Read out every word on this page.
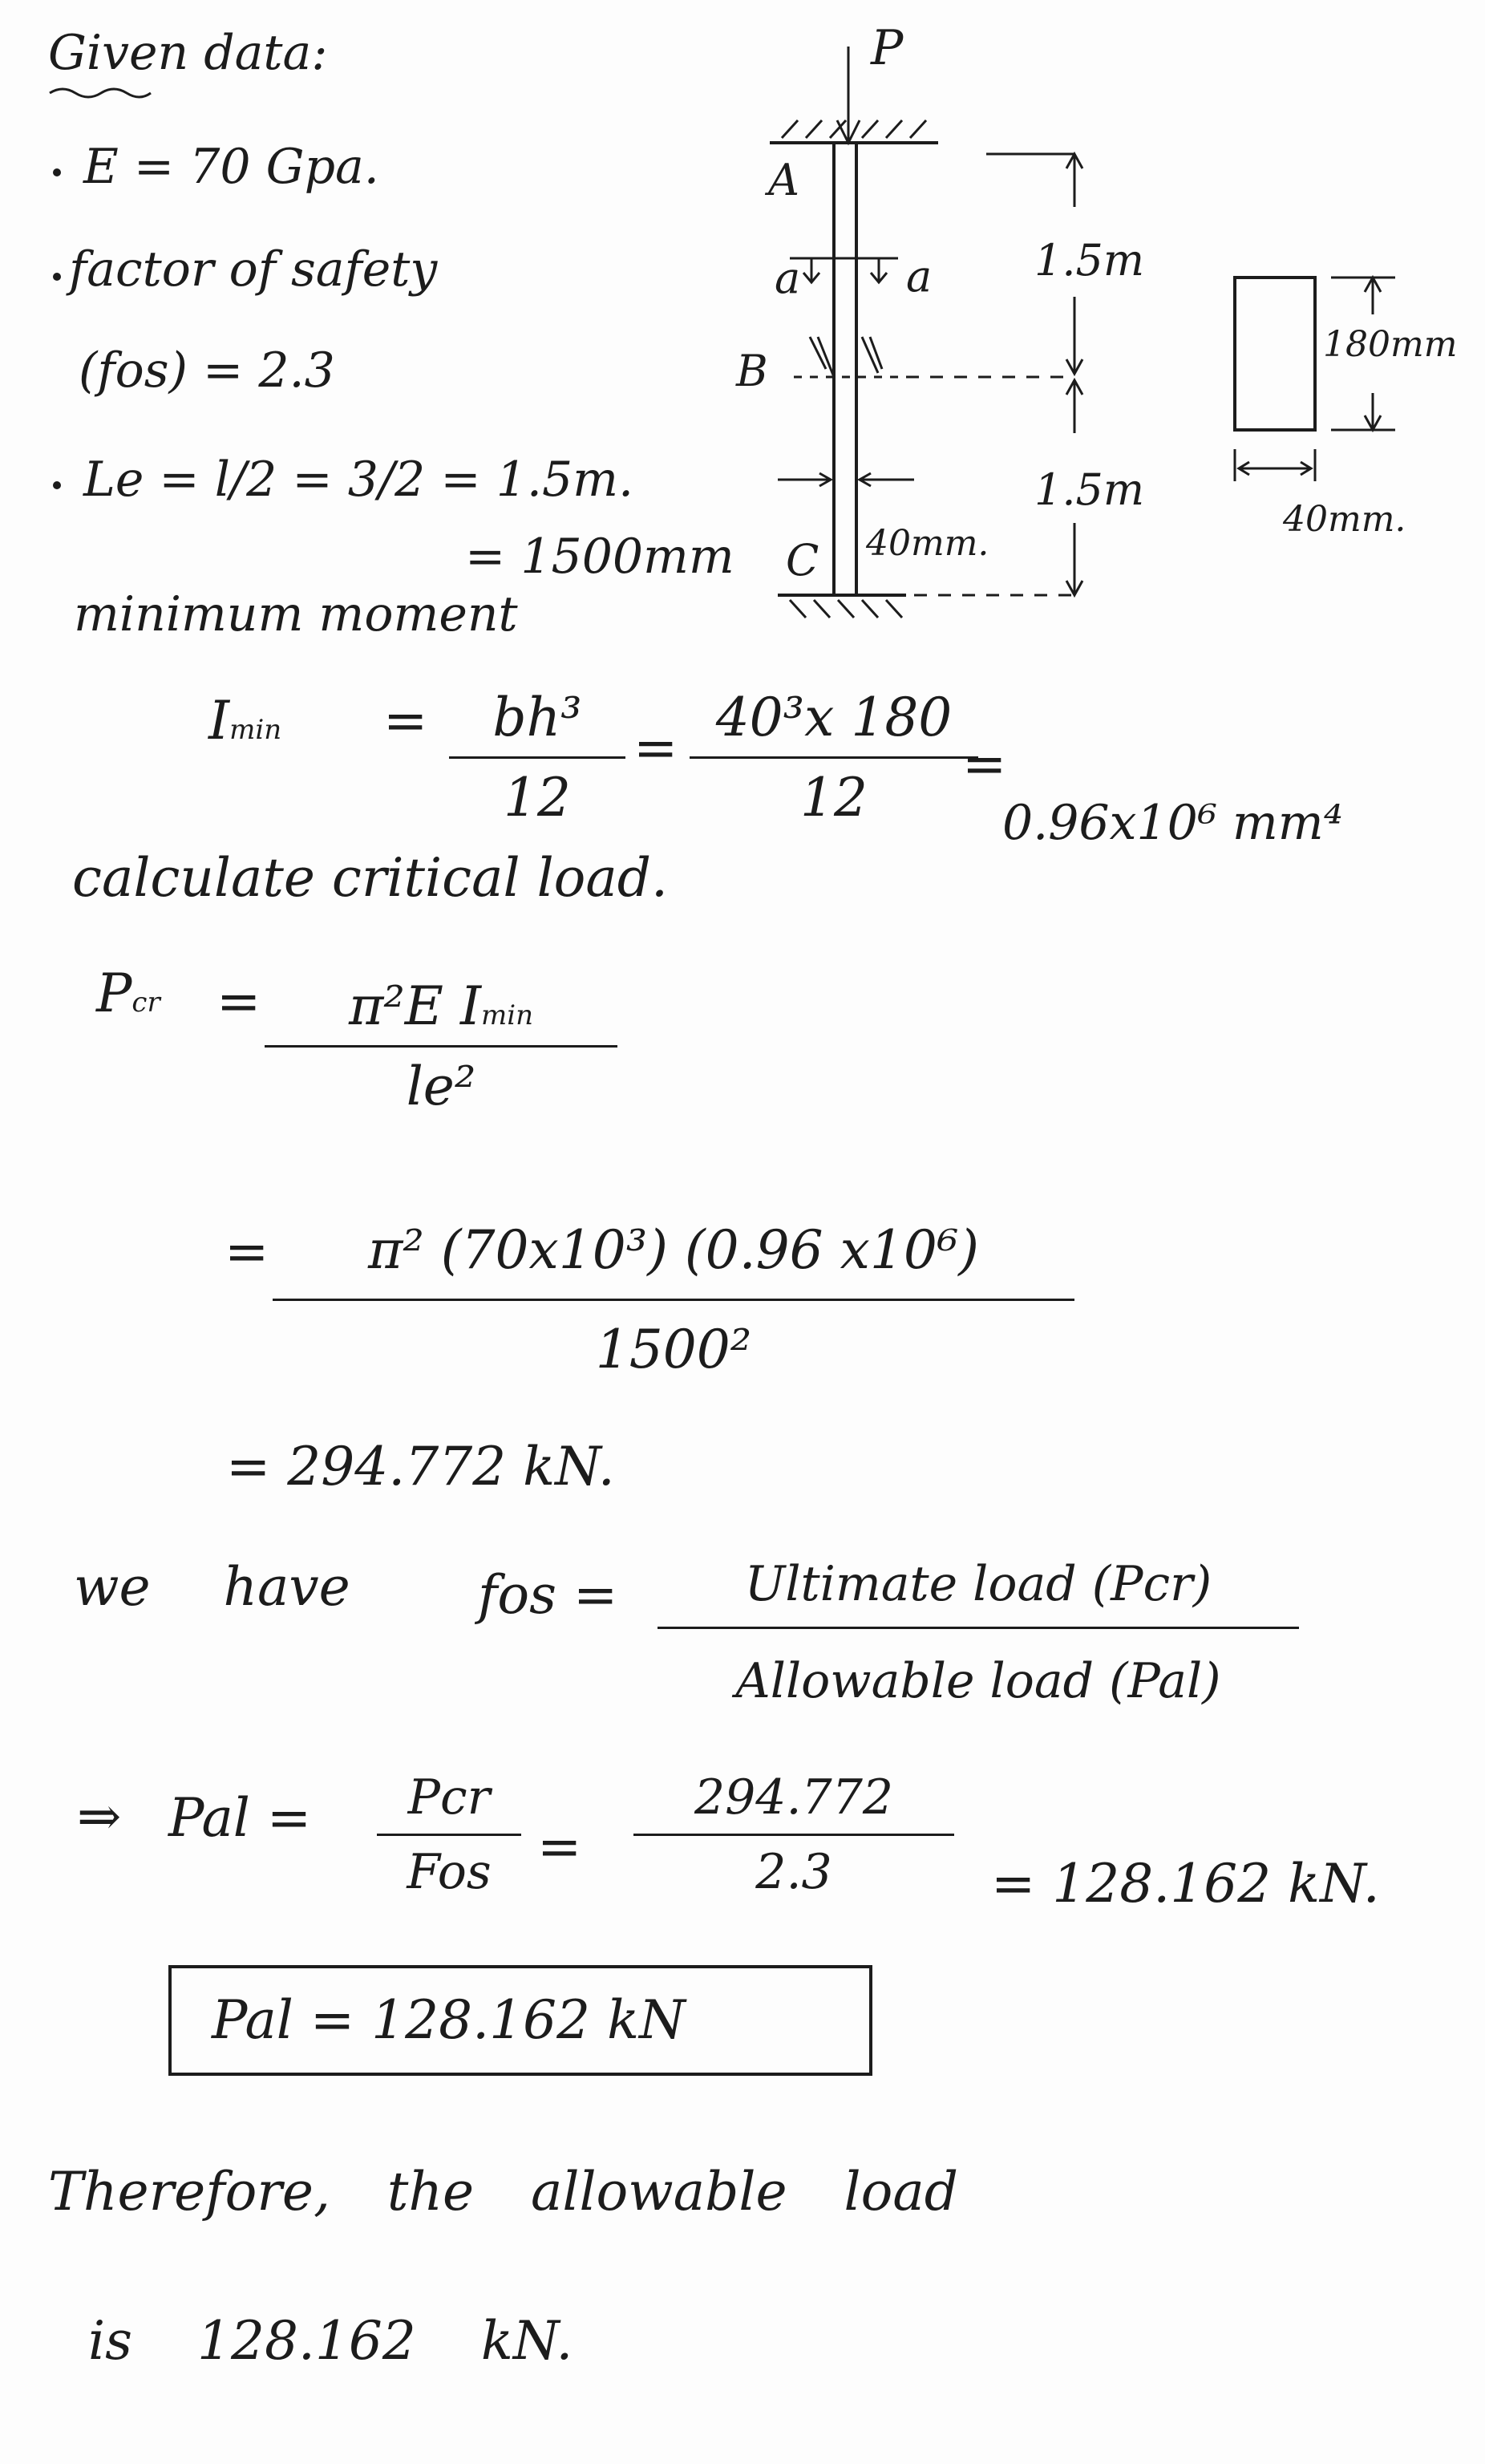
Given data:
E = 70 Gpa.
factor of safety
(fos) = 2.3
Le = l/2 = 3/2 = 1.5m.
= 1500mm
P
A
a a
B
C 40mm.
1.5m
1.5m
180mm
40mm.
minimum moment
Imin =	bh³
12
= 40³x 180
12
=
0.96x10⁶ mm⁴
calculate critical load.
Pcr =	π²E Imin
le²
=	π² (70x10³) (0.96 x10⁶)
1500²
= 294.772 kN.
we have fos =	Ultimate load (Pcr)
Allowable load (Pal)
⇒ Pal =	Pcr
Fos =
294.772
2.3	= 128.162 kN.
Pal = 128.162 kN
Therefore, the allowable load
is 128.162 kN.
